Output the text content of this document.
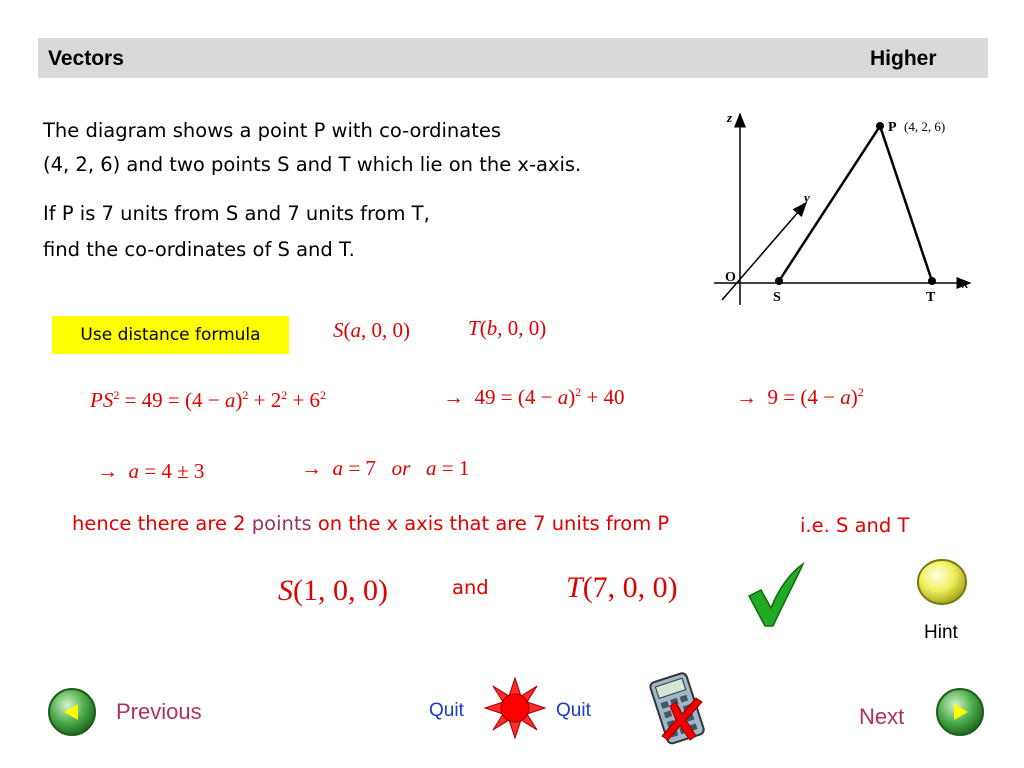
Vectors	Higher
The diagram shows a point P with co-ordinates
(4, 2, 6) and two points S and T which lie on the x-axis.
If P is 7 units from S and 7 units from T,
find the co-ordinates of S and T.
z
y
x
O
P (4, 2, 6)
S	T
Use distance formula	S(a, 0, 0)	T(b, 0, 0)
$PS^2 = 49 = (4 - a)^2 + 2^2 + 6^2$	→  $49 = (4 - a)^2 + 40$	→  $9 = (4 - a)^2$
→  a = 4 ± 3	→  a = 7   or a = 1
hence there are 2 points on the x axis that are 7 units from P	i.e. S and T
S(1, 0, 0)	and	T(7, 0, 0)
Hint
Previous	Quit	Quit	Next
